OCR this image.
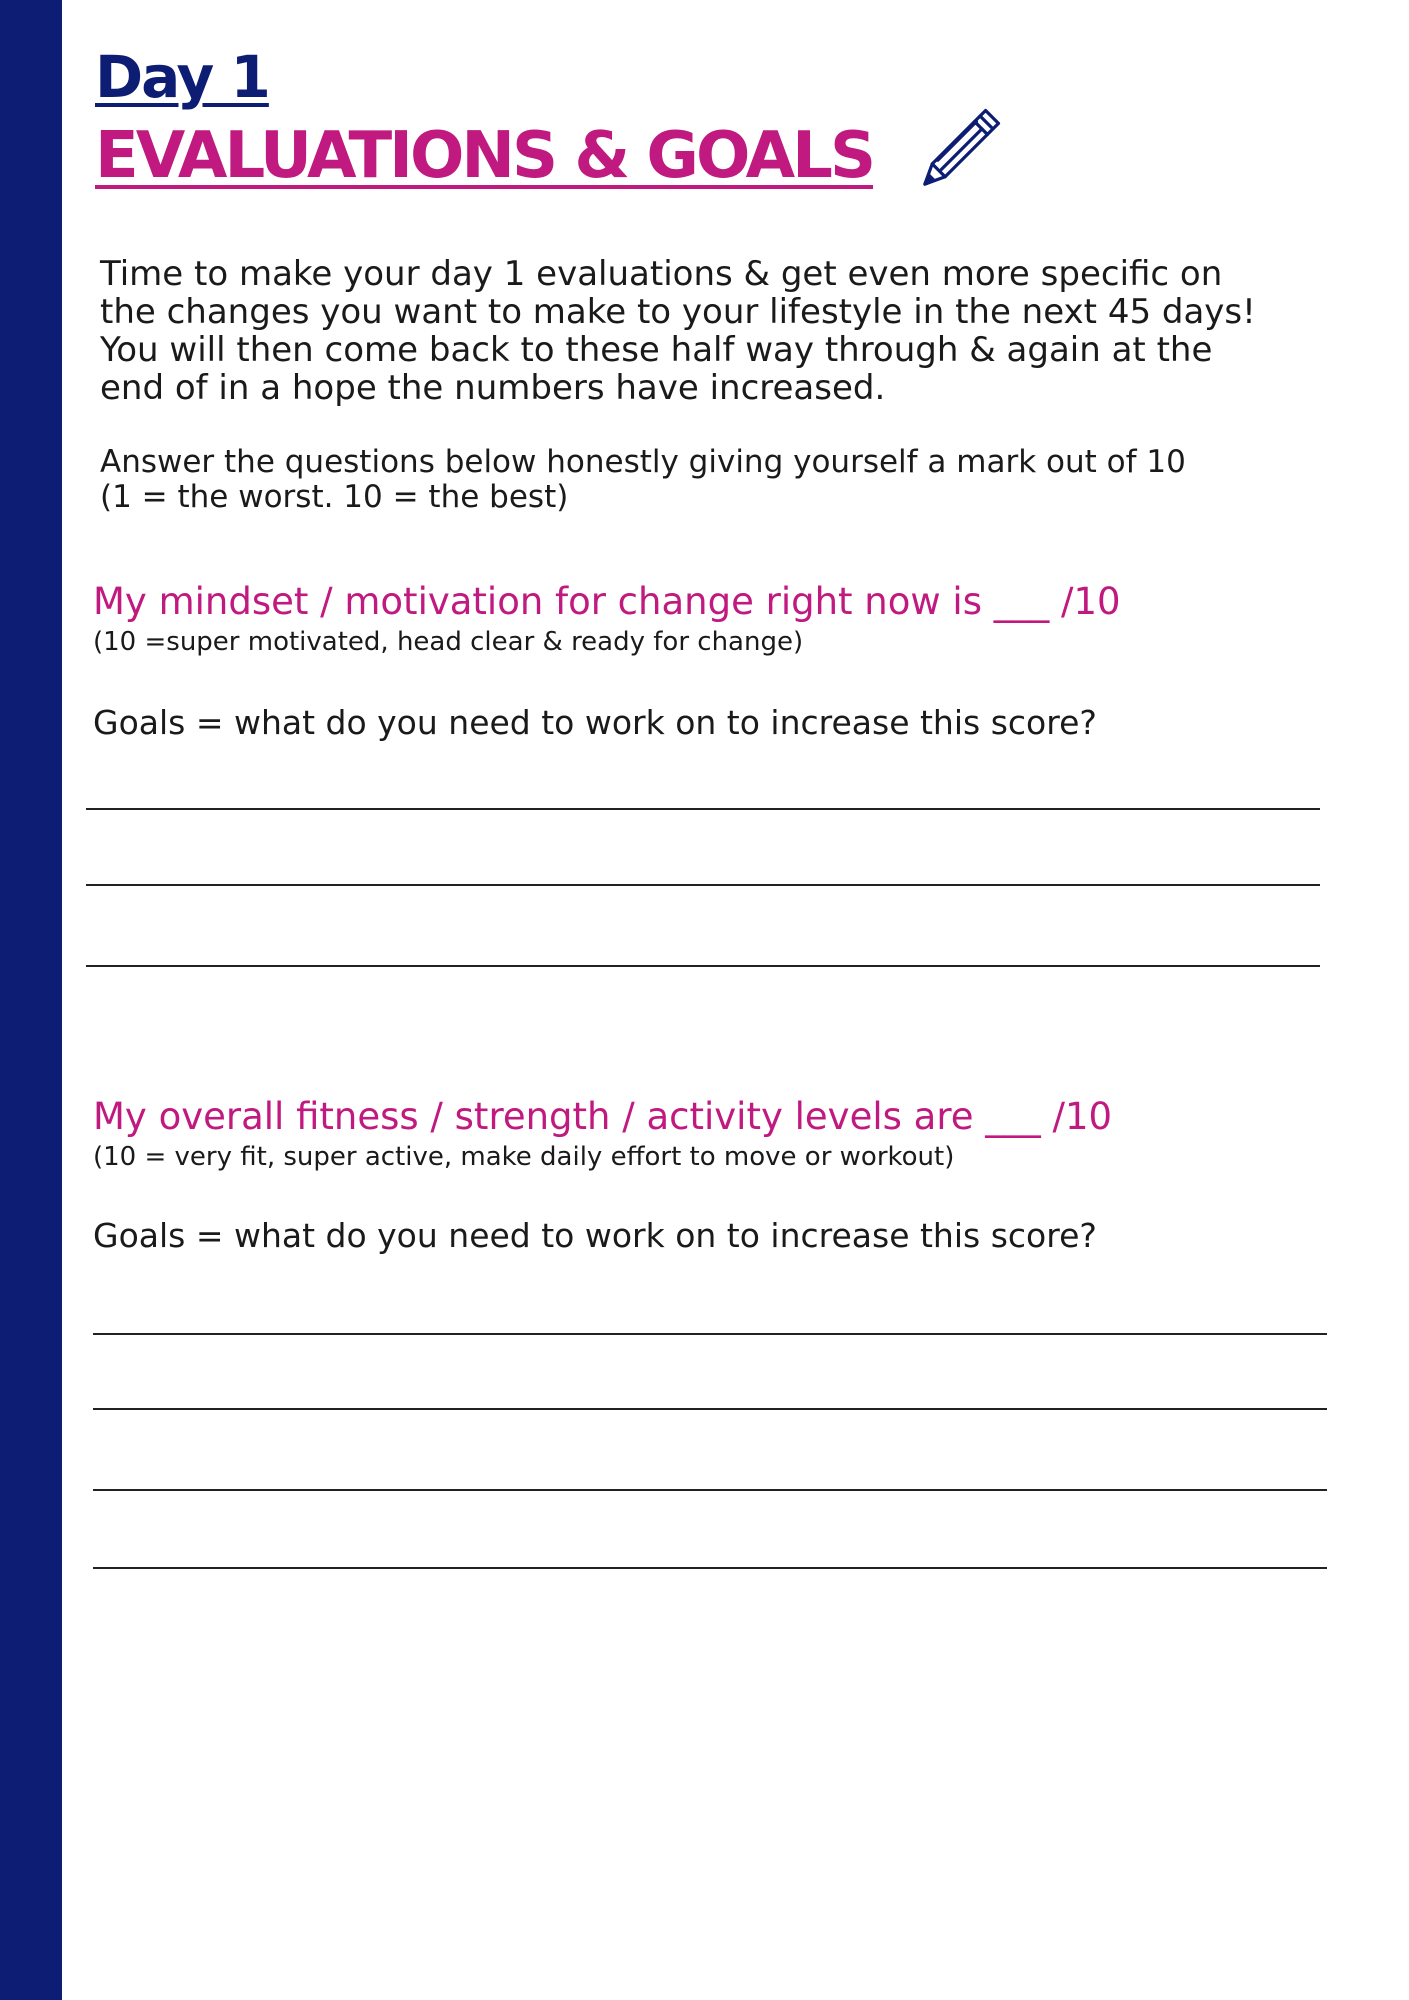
Day 1
EVALUATIONS & GOALS
Time to make your day 1 evaluations & get even more specific on
the changes you want to make to your lifestyle in the next 45 days!
You will then come back to these half way through & again at the
end of in a hope the numbers have increased.
Answer the questions below honestly giving yourself a mark out of 10
(1 = the worst. 10 = the best)
My mindset / motivation for change right now is ___ /10
(10 =super motivated, head clear & ready for change)
Goals = what do you need to work on to increase this score?
My overall fitness / strength / activity levels are ___ /10
(10 = very fit, super active, make daily effort to move or workout)
Goals = what do you need to work on to increase this score?
